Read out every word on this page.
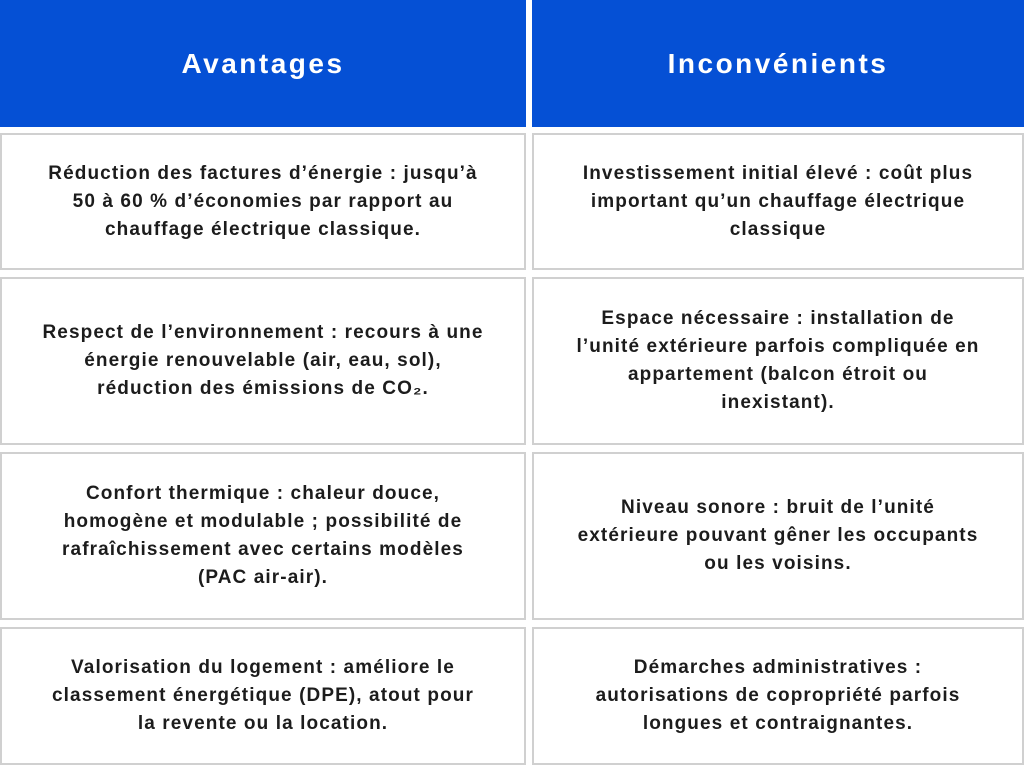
Avantages	Inconvénients
Réduction des factures d’énergie : jusqu’à
50 à 60 % d’économies par rapport au
chauffage électrique classique.
Investissement initial élevé : coût plus
important qu’un chauffage électrique
classique
Respect de l’environnement : recours à une
énergie renouvelable (air, eau, sol),
réduction des émissions de CO₂.
Espace nécessaire : installation de
l’unité extérieure parfois compliquée en
appartement (balcon étroit ou
inexistant).
Confort thermique : chaleur douce,
homogène et modulable ; possibilité de
rafraîchissement avec certains modèles
(PAC air-air).
Niveau sonore : bruit de l’unité
extérieure pouvant gêner les occupants
ou les voisins.
Valorisation du logement : améliore le
classement énergétique (DPE), atout pour
la revente ou la location.
Démarches administratives :
autorisations de copropriété parfois
longues et contraignantes.
